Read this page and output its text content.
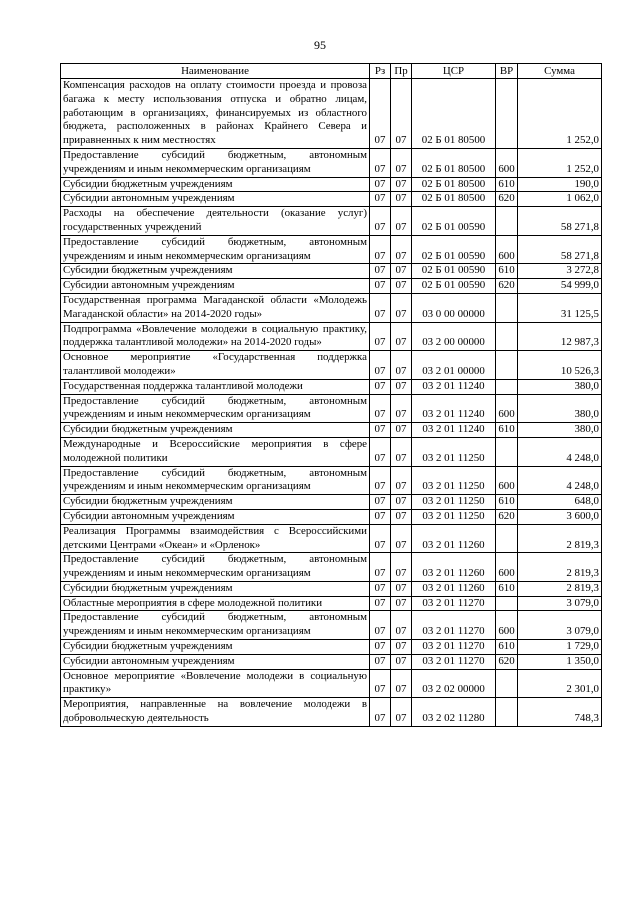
95
Наименование	Рз	Пр	ЦСР	ВР	Сумма
Компенсация расходов на оплату стоимости проезда и провоза багажа к месту использования отпуска и обратно лицам, работающим в организациях, финансируемых из областного бюджета, расположенных в районах Крайнего Севера и приравненных к ним местностях	07	07	02 Б 01 80500		1 252,0
Предоставление субсидий бюджетным, автономным учреждениям и иным некоммерческим организациям	07	07	02 Б 01 80500	600	1 252,0
Субсидии бюджетным учреждениям	07	07	02 Б 01 80500	610	190,0
Субсидии автономным учреждениям	07	07	02 Б 01 80500	620	1 062,0
Расходы на обеспечение деятельности (оказание услуг) государственных учреждений	07	07	02 Б 01 00590		58 271,8
Предоставление субсидий бюджетным, автономным учреждениям и иным некоммерческим организациям	07	07	02 Б 01 00590	600	58 271,8
Субсидии бюджетным учреждениям	07	07	02 Б 01 00590	610	3 272,8
Субсидии автономным учреждениям	07	07	02 Б 01 00590	620	54 999,0
Государственная программа Магаданской области «Молодежь Магаданской области» на 2014-2020 годы»	07	07	03 0 00 00000		31 125,5
Подпрограмма «Вовлечение молодежи в социальную практику, поддержка талантливой молодежи» на 2014-2020 годы»	07	07	03 2 00 00000		12 987,3
Основное мероприятие «Государственная поддержка талантливой молодежи»	07	07	03 2 01 00000		10 526,3
Государственная поддержка талантливой молодежи	07	07	03 2 01 11240		380,0
Предоставление субсидий бюджетным, автономным учреждениям и иным некоммерческим организациям	07	07	03 2 01 11240	600	380,0
Субсидии бюджетным учреждениям	07	07	03 2 01 11240	610	380,0
Международные и Всероссийские мероприятия в сфере молодежной политики	07	07	03 2 01 11250		4 248,0
Предоставление субсидий бюджетным, автономным учреждениям и иным некоммерческим организациям	07	07	03 2 01 11250	600	4 248,0
Субсидии бюджетным учреждениям	07	07	03 2 01 11250	610	648,0
Субсидии автономным учреждениям	07	07	03 2 01 11250	620	3 600,0
Реализация Программы взаимодействия с Всероссийскими детскими Центрами «Океан» и «Орленок»	07	07	03 2 01 11260		2 819,3
Предоставление субсидий бюджетным, автономным учреждениям и иным некоммерческим организациям	07	07	03 2 01 11260	600	2 819,3
Субсидии бюджетным учреждениям	07	07	03 2 01 11260	610	2 819,3
Областные мероприятия в сфере молодежной политики	07	07	03 2 01 11270		3 079,0
Предоставление субсидий бюджетным, автономным учреждениям и иным некоммерческим организациям	07	07	03 2 01 11270	600	3 079,0
Субсидии бюджетным учреждениям	07	07	03 2 01 11270	610	1 729,0
Субсидии автономным учреждениям	07	07	03 2 01 11270	620	1 350,0
Основное мероприятие «Вовлечение молодежи в социальную практику»	07	07	03 2 02 00000		2 301,0
Мероприятия, направленные на вовлечение молодежи в добровольческую деятельность	07	07	03 2 02 11280		748,3
